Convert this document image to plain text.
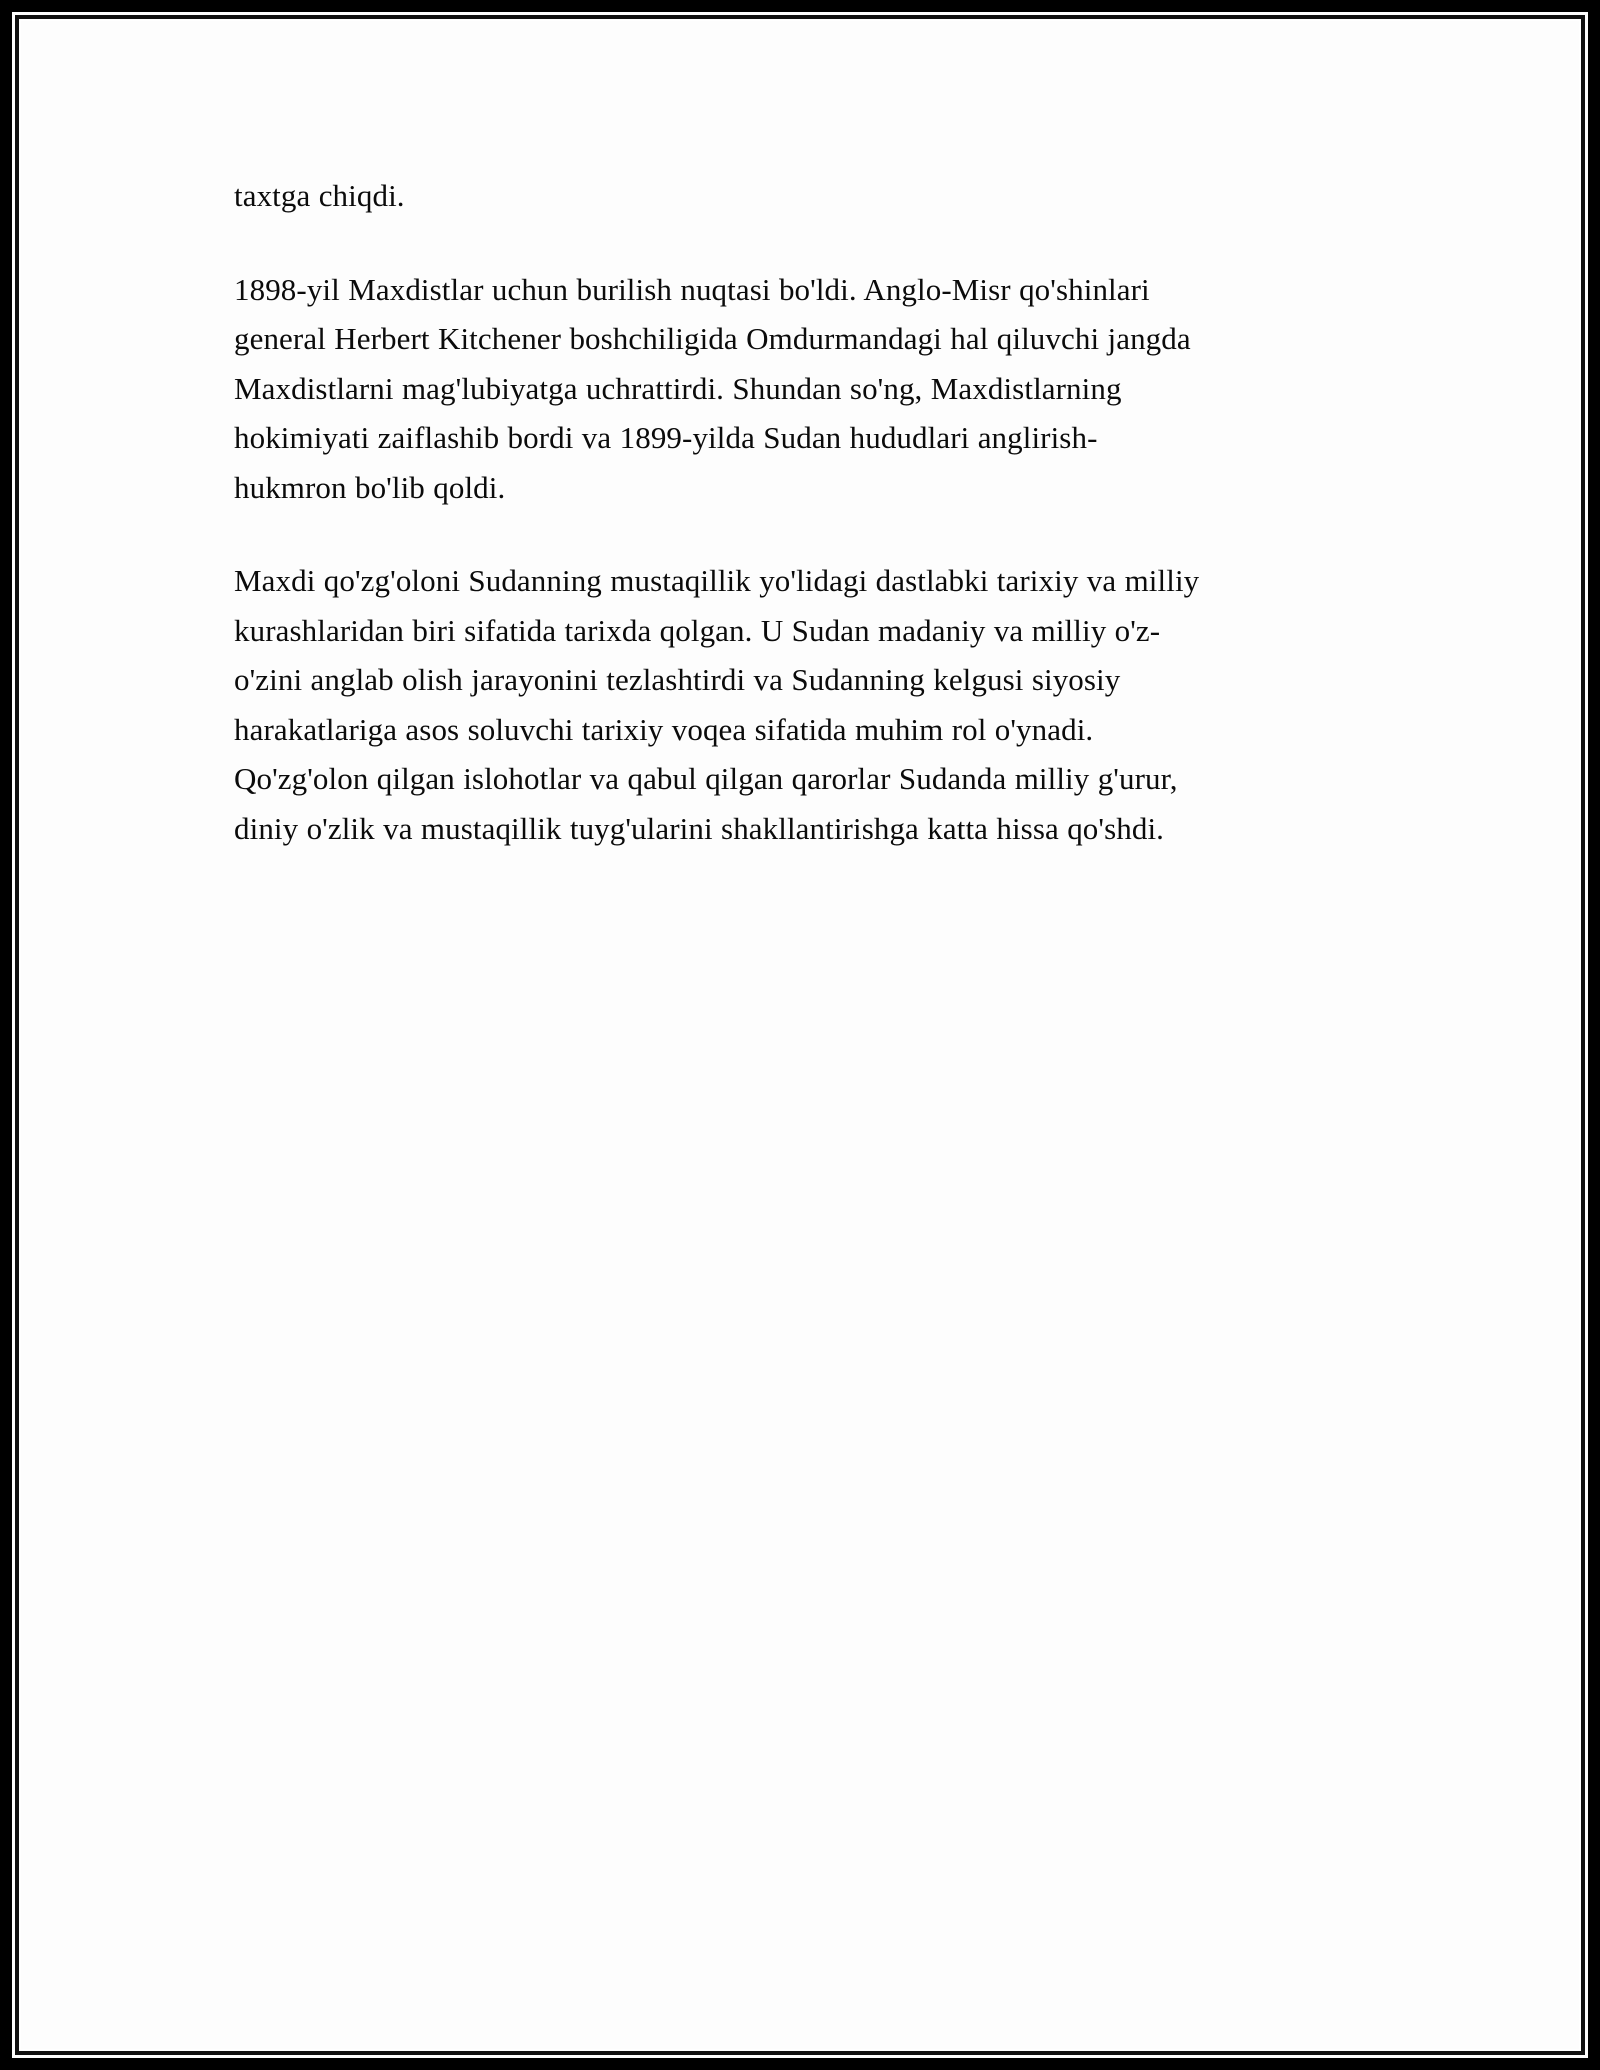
taxtga chiqdi.

1898-yil Maxdistlar uchun burilish nuqtasi bo'ldi. Anglo-Misr qo'shinlari
general Herbert Kitchener boshchiligida Omdurmandagi hal qiluvchi jangda
Maxdistlarni mag'lubiyatga uchrattirdi. Shundan so'ng, Maxdistlarning
hokimiyati zaiflashib bordi va 1899-yilda Sudan hududlari anglirish-
hukmron bo'lib qoldi.

Maxdi qo'zg'oloni Sudanning mustaqillik yo'lidagi dastlabki tarixiy va milliy
kurashlaridan biri sifatida tarixda qolgan. U Sudan madaniy va milliy o'z-
o'zini anglab olish jarayonini tezlashtirdi va Sudanning kelgusi siyosiy
harakatlariga asos soluvchi tarixiy voqea sifatida muhim rol o'ynadi.
Qo'zg'olon qilgan islohotlar va qabul qilgan qarorlar Sudanda milliy g'urur,
diniy o'zlik va mustaqillik tuyg'ularini shakllantirishga katta hissa qo'shdi.
